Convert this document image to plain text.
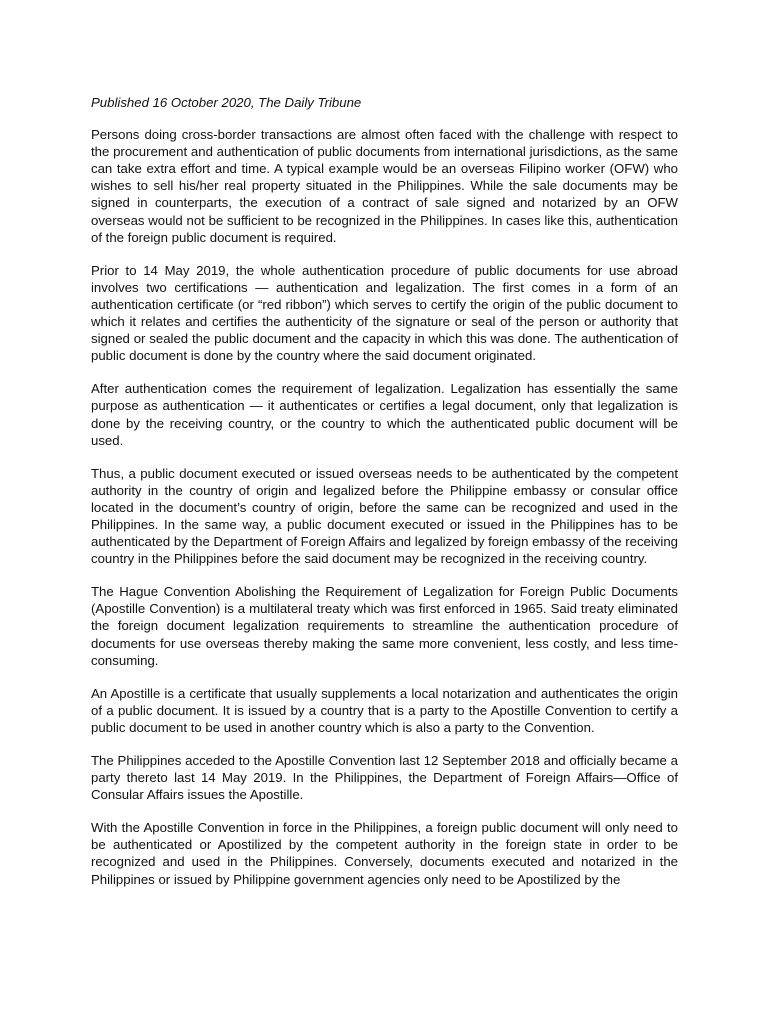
Published 16 October 2020, The Daily Tribune

Persons doing cross-border transactions are almost often faced with the challenge with respect to the procurement and authentication of public documents from international jurisdictions, as the same can take extra effort and time. A typical example would be an overseas Filipino worker (OFW) who wishes to sell his/her real property situated in the Philippines. While the sale documents may be signed in counterparts, the execution of a contract of sale signed and notarized by an OFW overseas would not be sufficient to be recognized in the Philippines. In cases like this, authentication of the foreign public document is required.

Prior to 14 May 2019, the whole authentication procedure of public documents for use abroad involves two certifications — authentication and legalization. The first comes in a form of an authentication certificate (or “red ribbon”) which serves to certify the origin of the public document to which it relates and certifies the authenticity of the signature or seal of the person or authority that signed or sealed the public document and the capacity in which this was done. The authentication of public document is done by the country where the said document originated.

After authentication comes the requirement of legalization. Legalization has essentially the same purpose as authentication — it authenticates or certifies a legal document, only that legalization is done by the receiving country, or the country to which the authenticated public document will be used.

Thus, a public document executed or issued overseas needs to be authenticated by the competent authority in the country of origin and legalized before the Philippine embassy or consular office located in the document’s country of origin, before the same can be recognized and used in the Philippines. In the same way, a public document executed or issued in the Philippines has to be authenticated by the Department of Foreign Affairs and legalized by foreign embassy of the receiving country in the Philippines before the said document may be recognized in the receiving country.

The Hague Convention Abolishing the Requirement of Legalization for Foreign Public Documents (Apostille Convention) is a multilateral treaty which was first enforced in 1965. Said treaty eliminated the foreign document legalization requirements to streamline the authentication procedure of documents for use overseas thereby making the same more convenient, less costly, and less time-consuming.

An Apostille is a certificate that usually supplements a local notarization and authenticates the origin of a public document. It is issued by a country that is a party to the Apostille Convention to certify a public document to be used in another country which is also a party to the Convention.

The Philippines acceded to the Apostille Convention last 12 September 2018 and officially became a party thereto last 14 May 2019. In the Philippines, the Department of Foreign Affairs—Office of Consular Affairs issues the Apostille.

With the Apostille Convention in force in the Philippines, a foreign public document will only need to be authenticated or Apostilized by the competent authority in the foreign state in order to be recognized and used in the Philippines. Conversely, documents executed and notarized in the Philippines or issued by Philippine government agencies only need to be Apostilized by the
